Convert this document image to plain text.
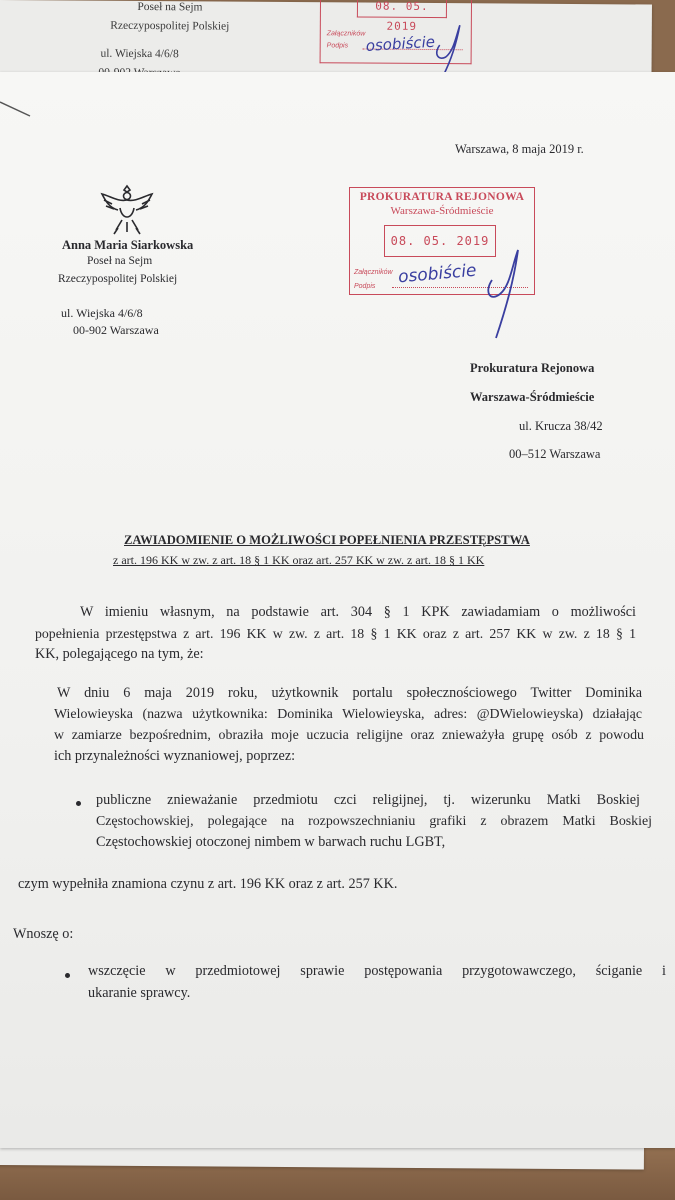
Poseł na Sejm
Rzeczypospolitej Polskiej
ul. Wiejska 4/6/8
08. 05. 2019
Załączników
Podpis osobiście
Warszawa, 8 maja 2019 r.
Anna Maria Siarkowska
Poseł na Sejm
Rzeczypospolitej Polskiej
ul. Wiejska 4/6/8
00-902 Warszawa
PROKURATURA REJONOWA
Warszawa-Śródmieście
08. 05. 2019
Załączników
Podpis osobiście
Prokuratura Rejonowa
Warszawa-Śródmieście
ul. Krucza 38/42
00–512 Warszawa
ZAWIADOMIENIE O MOŻLIWOŚCI POPEŁNIENIA PRZESTĘPSTWA
z art. 196 KK w zw. z art. 18 § 1 KK oraz art. 257 KK w zw. z art. 18 § 1 KK
W imieniu własnym, na podstawie art. 304 § 1 KPK zawiadamiam o możliwości
popełnienia przestępstwa z art. 196 KK w zw. z art. 18 § 1 KK oraz z art. 257 KK w zw. z 18 § 1
KK, polegającego na tym, że:
W dniu 6 maja 2019 roku, użytkownik portalu społecznościowego Twitter Dominika
Wielowieyska (nazwa użytkownika: Dominika Wielowieyska, adres: @DWielowieyska) działając
w zamiarze bezpośrednim, obraziła moje uczucia religijne oraz znieważyła grupę osób z powodu
ich przynależności wyznaniowej, poprzez:
publiczne znieważanie przedmiotu czci religijnej, tj. wizerunku Matki Boskiej
Częstochowskiej, polegające na rozpowszechnianiu grafiki z obrazem Matki Boskiej
Częstochowskiej otoczonej nimbem w barwach ruchu LGBT,
czym wypełniła znamiona czynu z art. 196 KK oraz z art. 257 KK.
Wnoszę o:
wszczęcie w przedmiotowej sprawie postępowania przygotowawczego, ściganie i
ukaranie sprawcy.
